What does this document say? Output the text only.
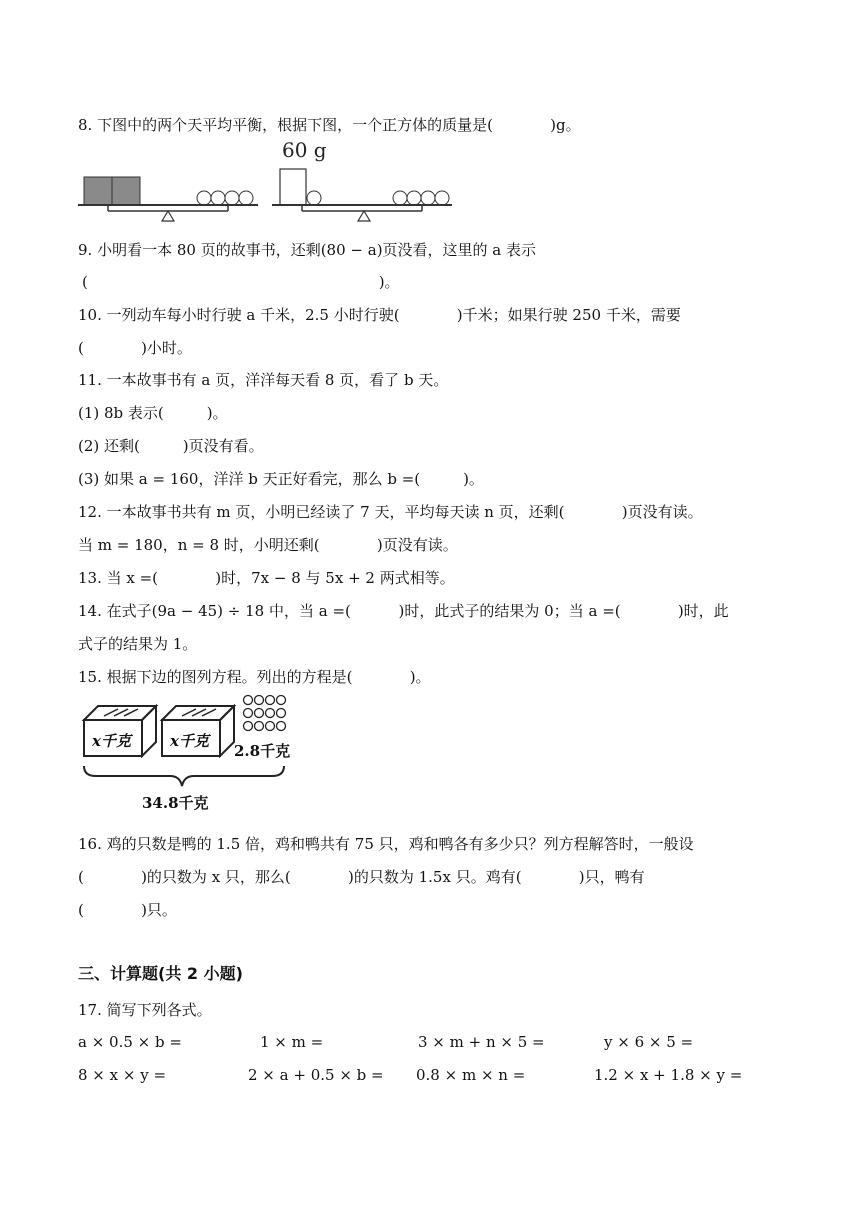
8. 下图中的两个天平均平衡，根据下图，一个正方体的质量是(            )g。
60 g
9. 小明看一本 80 页的故事书，还剩(80 − a)页没看，这里的 a 表示
(                                                             )。
10. 一列动车每小时行驶 a 千米，2.5 小时行驶(            )千米；如果行驶 250 千米，需要
(            )小时。
11. 一本故事书有 a 页，洋洋每天看 8 页，看了 b 天。
(1) 8b 表示(         )。
(2) 还剩(         )页没有看。
(3) 如果 a = 160，洋洋 b 天正好看完，那么 b =(         )。
12. 一本故事书共有 m 页，小明已经读了 7 天，平均每天读 n 页，还剩(            )页没有读。
当 m = 180，n = 8 时，小明还剩(            )页没有读。
13. 当 x =(            )时，7x − 8 与 5x + 2 两式相等。
14. 在式子(9a − 45) ÷ 18 中，当 a =(          )时，此式子的结果为 0；当 a =(            )时，此
式子的结果为 1。
15. 根据下边的图列方程。列出的方程是(            )。
x千克	x千克
2.8千克
34.8千克
16. 鸡的只数是鸭的 1.5 倍，鸡和鸭共有 75 只，鸡和鸭各有多少只？列方程解答时，一般设
(            )的只数为 x 只，那么(            )的只数为 1.5x 只。鸡有(            )只，鸭有
(            )只。
三、计算题(共 2 小题)
17. 简写下列各式。
a × 0.5 × b =	1 × m =	3 × m + n × 5 =	y × 6 × 5 =
8 × x × y =	2 × a + 0.5 × b = 0.8 × m × n =	1.2 × x + 1.8 × y =
